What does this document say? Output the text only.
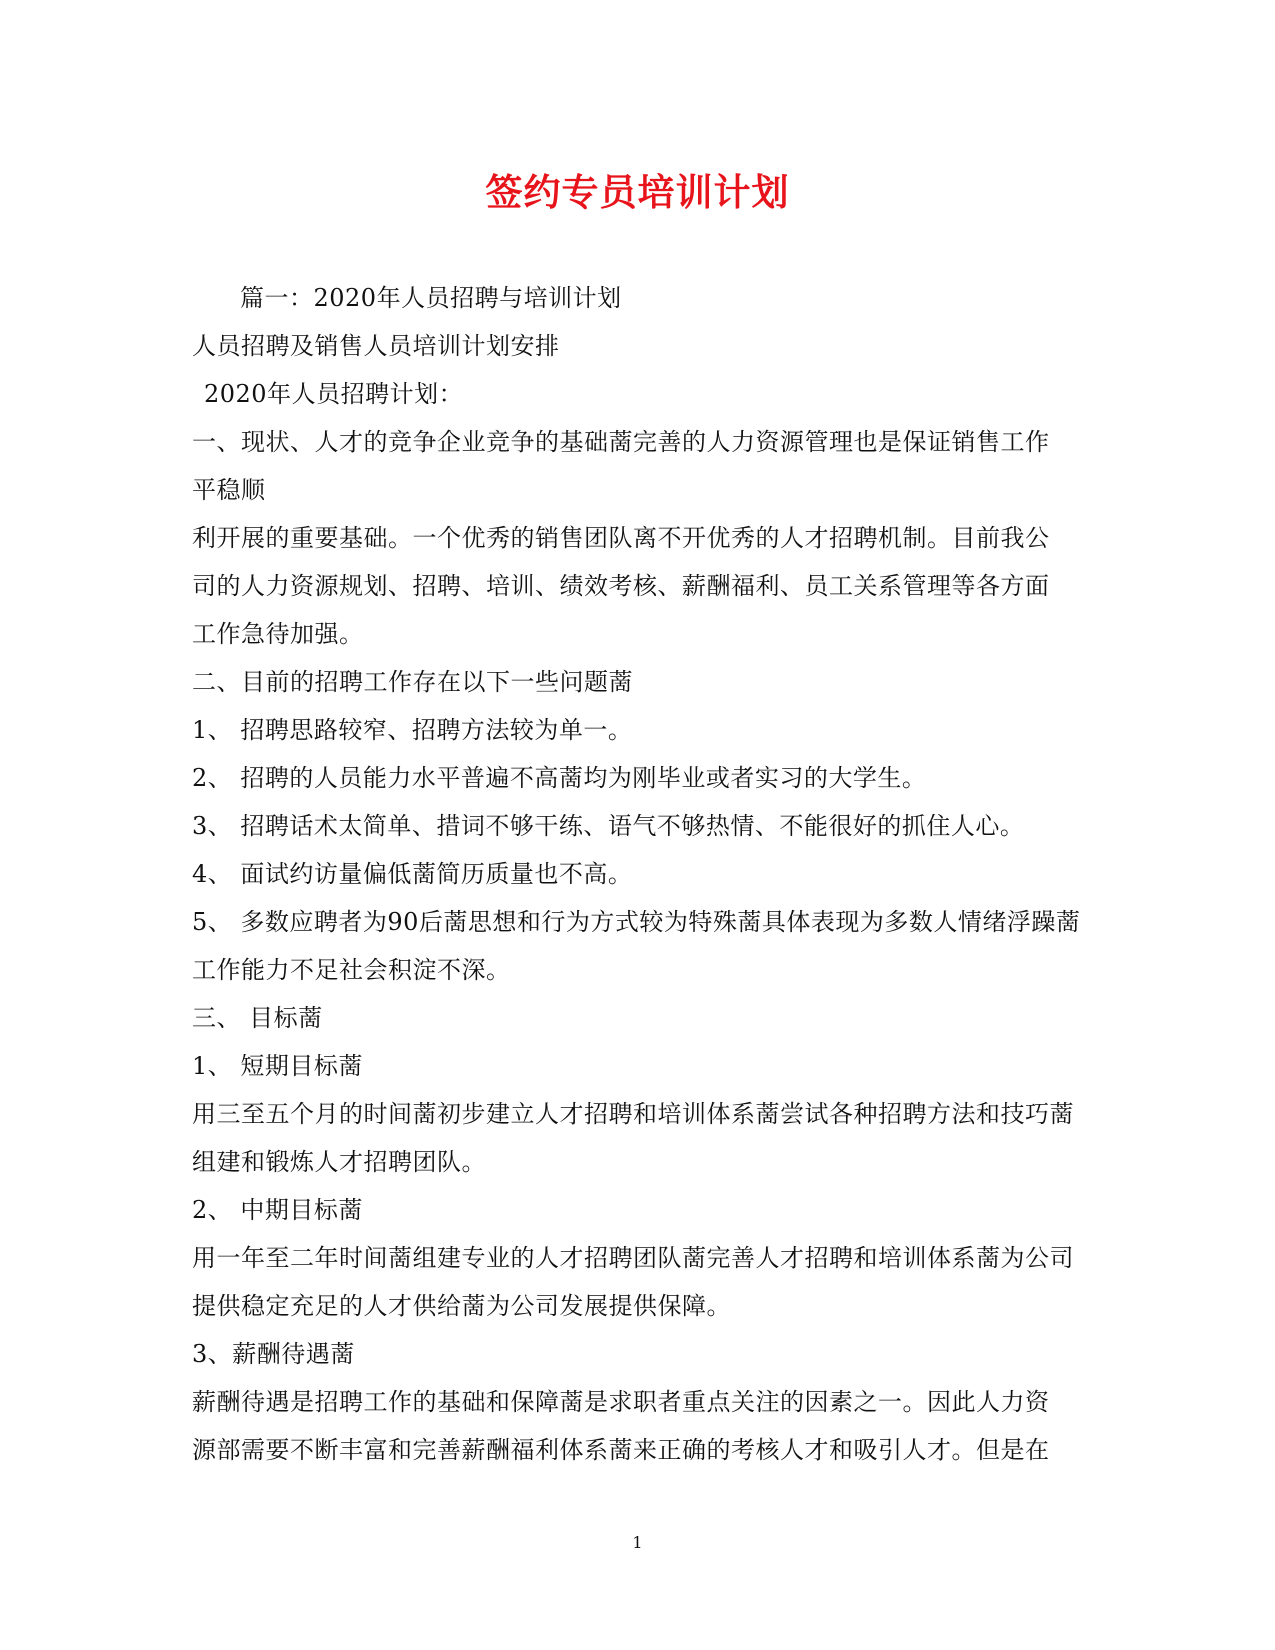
签约专员培训计划
篇一：2020年人员招聘与培训计划
人员招聘及销售人员培训计划安排
2020年人员招聘计划：
一、现状、人才的竞争企业竞争的基础蔐完善的人力资源管理也是保证销售工作
平稳顺
利开展的重要基础。一个优秀的销售团队离不开优秀的人才招聘机制。目前我公
司的人力资源规划、招聘、培训、绩效考核、薪酬福利、员工关系管理等各方面
工作急待加强。
二、目前的招聘工作存在以下一些问题蔐
1、 招聘思路较窄、招聘方法较为单一。
2、 招聘的人员能力水平普遍不高蔐均为刚毕业或者实习的大学生。
3、 招聘话术太简单、措词不够干练、语气不够热情、不能很好的抓住人心。
4、 面试约访量偏低蔐简历质量也不高。
5、 多数应聘者为90后蔐思想和行为方式较为特殊蔐具体表现为多数人情绪浮躁蔐
工作能力不足社会积淀不深。
三、 目标蔐
1、 短期目标蔐
用三至五个月的时间蔐初步建立人才招聘和培训体系蔐尝试各种招聘方法和技巧蔐
组建和锻炼人才招聘团队。
2、 中期目标蔐
用一年至二年时间蔐组建专业的人才招聘团队蔐完善人才招聘和培训体系蔐为公司
提供稳定充足的人才供给蔐为公司发展提供保障。
3、薪酬待遇蔐
薪酬待遇是招聘工作的基础和保障蔐是求职者重点关注的因素之一。因此人力资
源部需要不断丰富和完善薪酬福利体系蔐来正确的考核人才和吸引人才。但是在
1
